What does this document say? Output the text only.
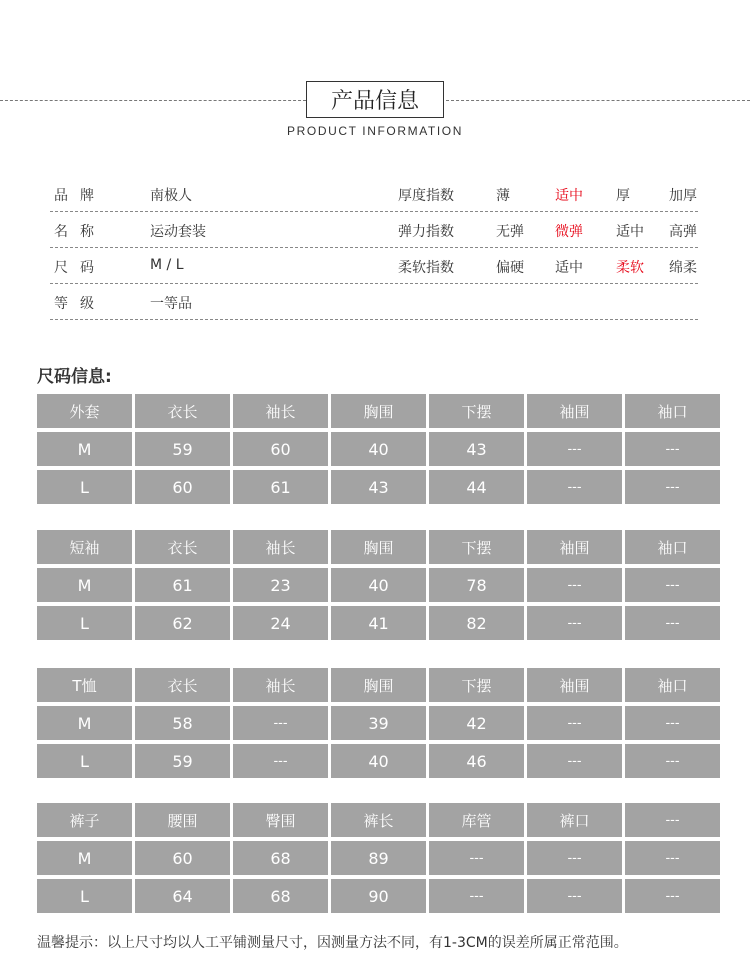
产品信息
PRODUCT INFORMATION
品牌	南极人	厚度指数	薄	适中 厚	加厚
名称	运动套装	弹力指数	无弹 微弹 适中 高弹
尺码	M / L	柔软指数	偏硬 适中 柔软 绵柔
等级	一等品
尺码信息:
外套	衣长	袖长	胸围	下摆	袖围	袖口
M	59	60	40	43	---	---
L	60	61	43	44	---	---
短袖	衣长	袖长	胸围	下摆	袖围	袖口
M	61	23	40	78	---	---
L	62	24	41	82	---	---
T恤	衣长	袖长	胸围	下摆	袖围	袖口
M	58	---	39	42	---	---
L	59	---	40	46	---	---
裤子	腰围	臀围	裤长	库管	裤口	---
M	60	68	89	---	---	---
L	64	68	90	---	---	---
温馨提示：以上尺寸均以人工平铺测量尺寸，因测量方法不同，有1-3CM的误差所属正常范围。
